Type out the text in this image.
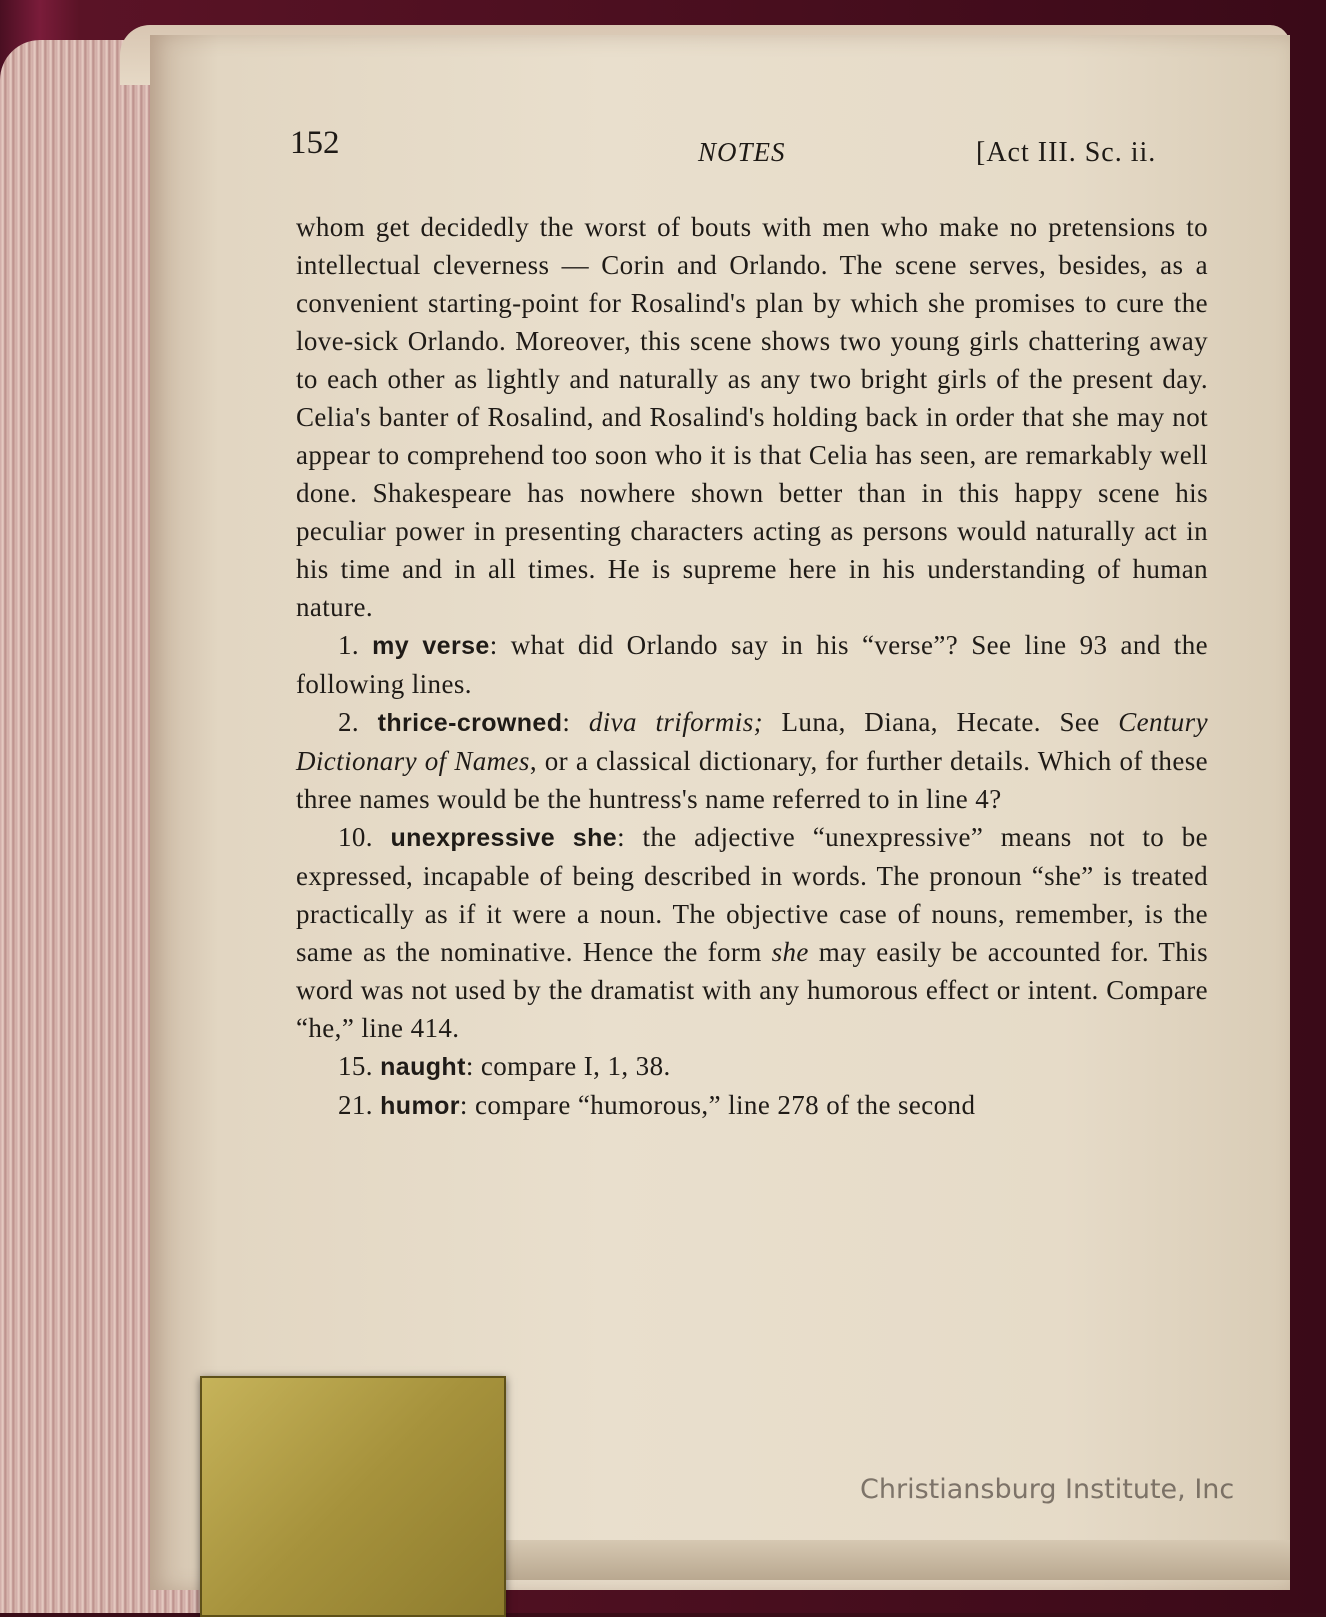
152	NOTES	[Act III. Sc. ii.

whom get decidedly the worst of bouts with men who make no pretensions to intellectual cleverness — Corin and Orlando. The scene serves, besides, as a convenient starting-point for Rosalind's plan by which she promises to cure the love-sick Orlando. Moreover, this scene shows two young girls chattering away to each other as lightly and naturally as any two bright girls of the present day. Celia's banter of Rosalind, and Rosalind's holding back in order that she may not appear to comprehend too soon who it is that Celia has seen, are remarkably well done. Shakespeare has nowhere shown better than in this happy scene his peculiar power in presenting characters acting as persons would naturally act in his time and in all times. He is supreme here in his understanding of human nature.

1. my verse: what did Orlando say in his “verse”? See line 93 and the following lines.

2. thrice-crowned: diva triformis; Luna, Diana, Hecate. See Century Dictionary of Names, or a classical dictionary, for further details. Which of these three names would be the huntress's name referred to in line 4?

10. unexpressive she: the adjective “unexpressive” means not to be expressed, incapable of being described in words. The pronoun “she” is treated practically as if it were a noun. The objective case of nouns, remember, is the same as the nominative. Hence the form she may easily be accounted for. This word was not used by the dramatist with any humorous effect or intent. Compare “he,” line 414.

15. naught: compare I, 1, 38.

21. humor: compare “humorous,” line 278 of the second

Christiansburg Institute, Inc
